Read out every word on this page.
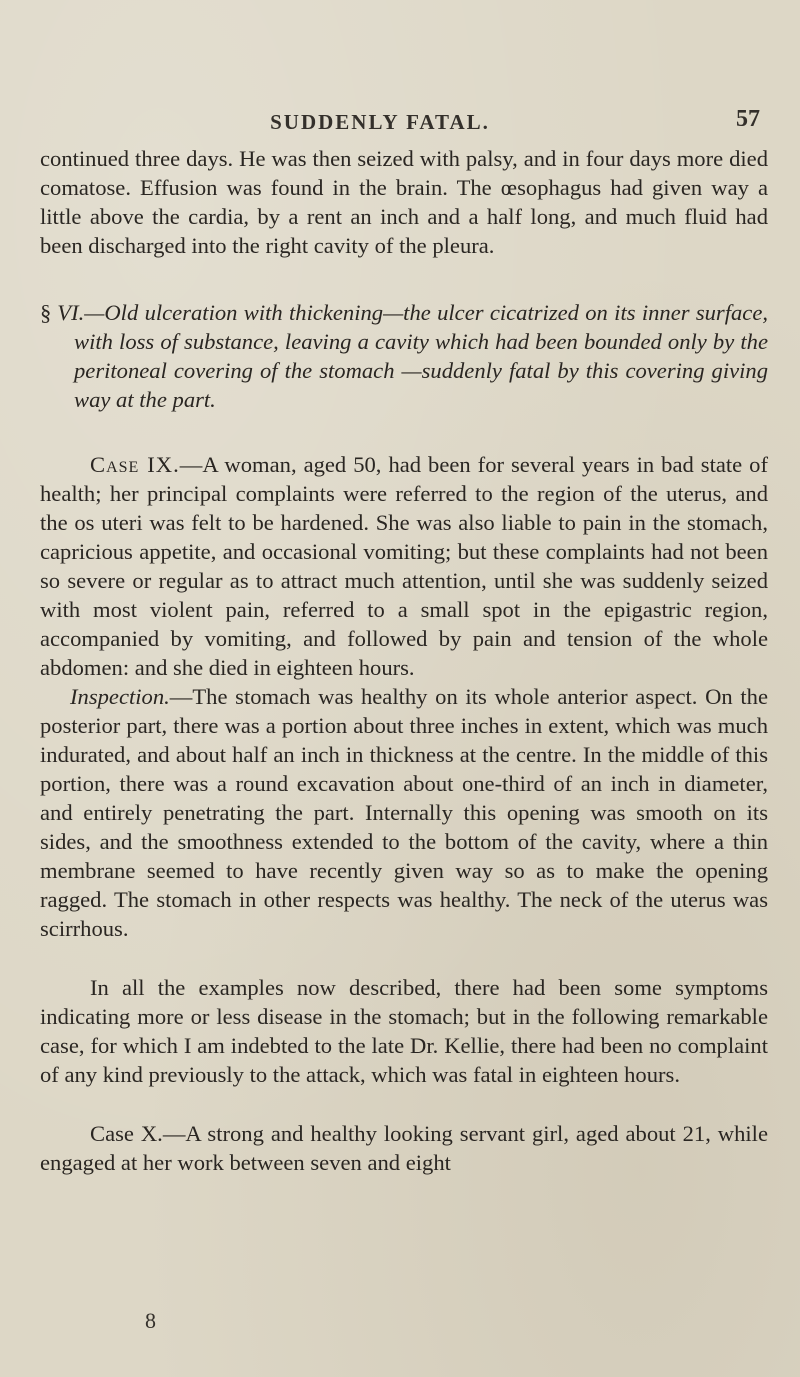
SUDDENLY FATAL.	57

continued three days. He was then seized with palsy, and in four days more died comatose. Effusion was found in the brain. The œsophagus had given way a little above the cardia, by a rent an inch and a half long, and much fluid had been discharged into the right cavity of the pleura.

§ VI.—Old ulceration with thickening—the ulcer cicatrized on its inner surface, with loss of substance, leaving a cavity which had been bounded only by the peritoneal covering of the stomach —suddenly fatal by this covering giving way at the part.

Case IX.—A woman, aged 50, had been for several years in bad state of health; her principal complaints were referred to the region of the uterus, and the os uteri was felt to be hardened. She was also liable to pain in the stomach, capricious appetite, and occasional vomiting; but these complaints had not been so severe or regular as to attract much attention, until she was suddenly seized with most violent pain, referred to a small spot in the epigastric region, accompanied by vomiting, and followed by pain and tension of the whole abdomen: and she died in eighteen hours.

Inspection.—The stomach was healthy on its whole anterior aspect. On the posterior part, there was a portion about three inches in extent, which was much indurated, and about half an inch in thickness at the centre. In the middle of this portion, there was a round excavation about one-third of an inch in diameter, and entirely penetrating the part. Internally this opening was smooth on its sides, and the smoothness extended to the bottom of the cavity, where a thin membrane seemed to have recently given way so as to make the opening ragged. The stomach in other respects was healthy. The neck of the uterus was scirrhous.

In all the examples now described, there had been some symptoms indicating more or less disease in the stomach; but in the following remarkable case, for which I am indebted to the late Dr. Kellie, there had been no complaint of any kind previously to the attack, which was fatal in eighteen hours.

Case X.—A strong and healthy looking servant girl, aged about 21, while engaged at her work between seven and eight

8
